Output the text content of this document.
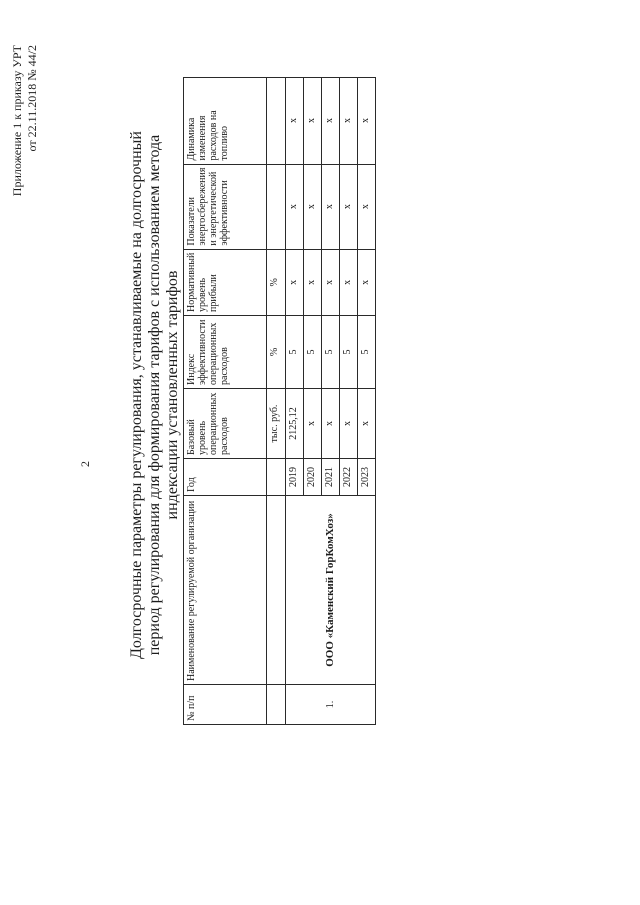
2
Приложение 1 к приказу УРТ от 22.11.2018 № 44/2
Долгосрочные параметры регулирования, устанавливаемые на долгосрочный период регулирования для формирования тарифов с использованием метода индексации установленных тарифов
№ п/п	Наименование регулируемой организации	Год	Базовый уровень операционных расходов	Индекс эффективности операционных расходов	Нормативный уровень прибыли	Показатели энергосбережения и энергетической эффективности	Динамика изменения расходов на топливо
			тыс. руб.	%	%		
1.	ООО «Каменский ГорКомХоз»	2019	2125,12	5	х	х	х
		2020	х	5	х	х	х
		2021	х	5	х	х	х
		2022	х	5	х	х	х
		2023	х	5	х	х	х
